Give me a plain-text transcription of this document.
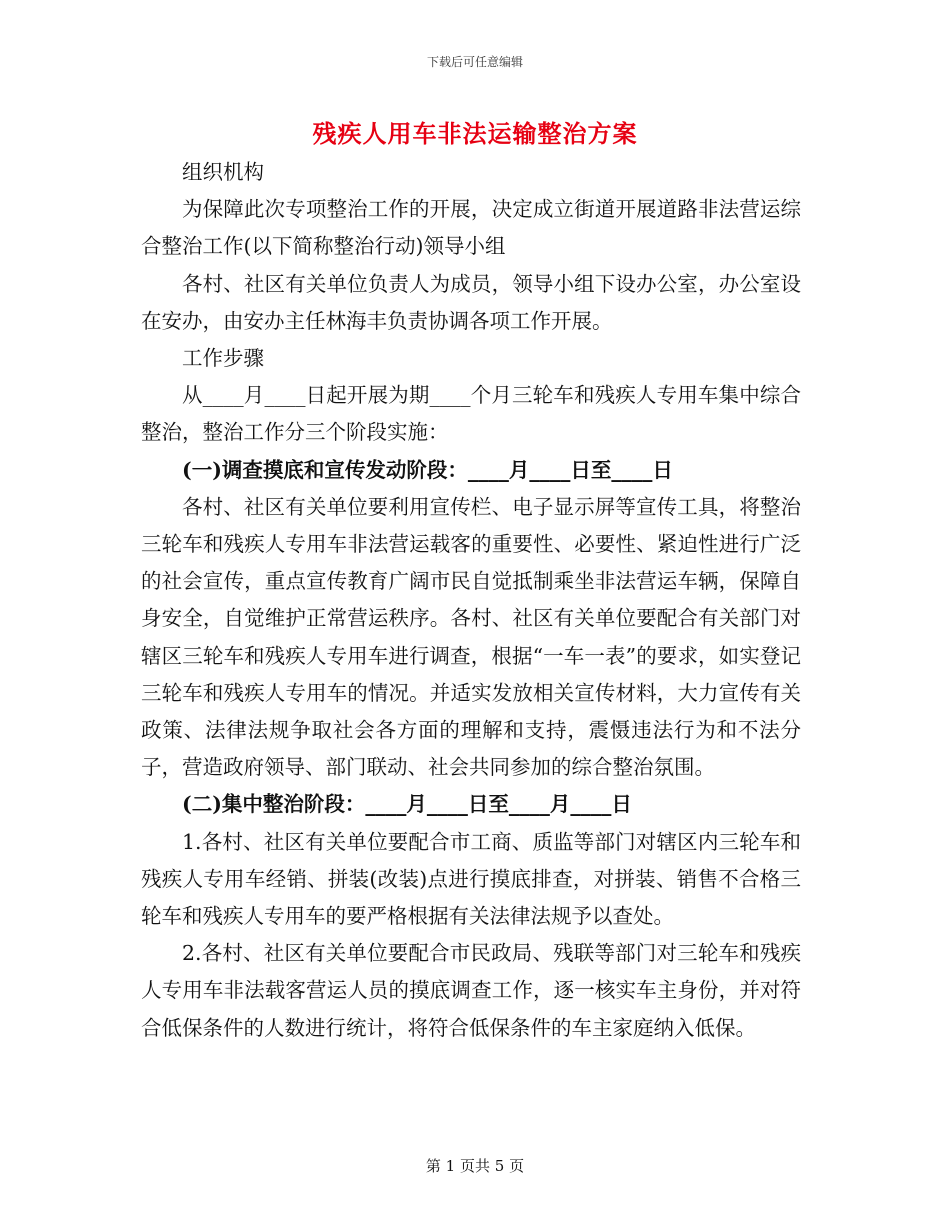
下载后可任意编辑
残疾人用车非法运输整治方案

组织机构

为保障此次专项整治工作的开展，决定成立街道开展道路非法营运综合整治工作(以下简称整治行动)领导小组

各村、社区有关单位负责人为成员，领导小组下设办公室，办公室设在安办，由安办主任林海丰负责协调各项工作开展。

工作步骤

从____月____日起开展为期____个月三轮车和残疾人专用车集中综合整治，整治工作分三个阶段实施：

(一)调查摸底和宣传发动阶段：____月____日至____日

各村、社区有关单位要利用宣传栏、电子显示屏等宣传工具，将整治三轮车和残疾人专用车非法营运载客的重要性、必要性、紧迫性进行广泛的社会宣传，重点宣传教育广阔市民自觉抵制乘坐非法营运车辆，保障自身安全，自觉维护正常营运秩序。各村、社区有关单位要配合有关部门对辖区三轮车和残疾人专用车进行调查，根据“一车一表”的要求，如实登记三轮车和残疾人专用车的情况。并适实发放相关宣传材料，大力宣传有关政策、法律法规争取社会各方面的理解和支持，震慑违法行为和不法分子，营造政府领导、部门联动、社会共同参加的综合整治氛围。

(二)集中整治阶段：____月____日至____月____日

1.各村、社区有关单位要配合市工商、质监等部门对辖区内三轮车和残疾人专用车经销、拼装(改装)点进行摸底排查，对拼装、销售不合格三轮车和残疾人专用车的要严格根据有关法律法规予以查处。

2.各村、社区有关单位要配合市民政局、残联等部门对三轮车和残疾人专用车非法载客营运人员的摸底调查工作，逐一核实车主身份，并对符合低保条件的人数进行统计，将符合低保条件的车主家庭纳入低保。

第 1 页共 5 页
